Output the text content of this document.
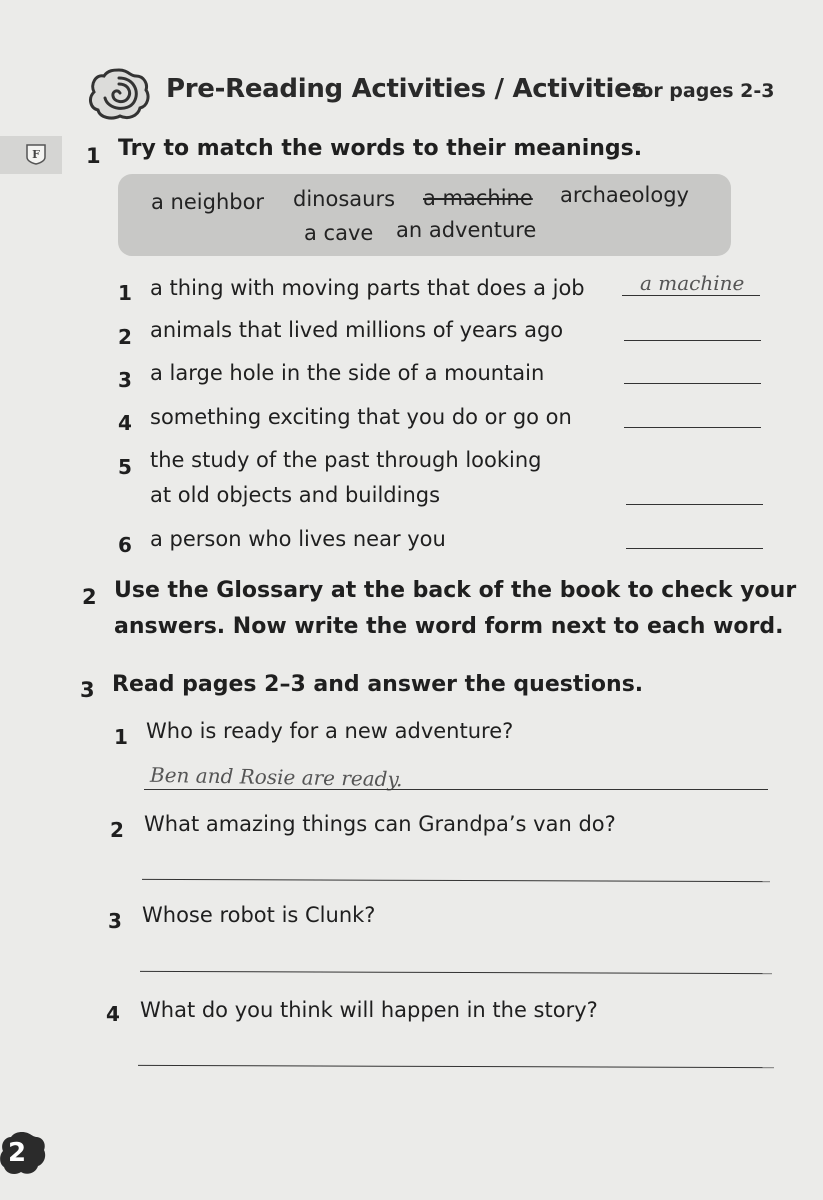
Pre-Reading Activities / Activities
for pages 2-3
F 1 Try to match the words to their meanings.
a neighbor dinosaurs a machine archaeology
a cave an adventure
1 a thing with moving parts that does a job	a machine
2 animals that lived millions of years ago
3 a large hole in the side of a mountain
4 something exciting that you do or go on
5 the study of the past through looking
at old objects and buildings
6 a person who lives near you
2 Use the Glossary at the back of the book to check your
answers. Now write the word form next to each word.
3 Read pages 2–3 and answer the questions.
1 Who is ready for a new adventure?
Ben and Rosie are ready.
2 What amazing things can Grandpa’s van do?
3 Whose robot is Clunk?
4 What do you think will happen in the story?
2
